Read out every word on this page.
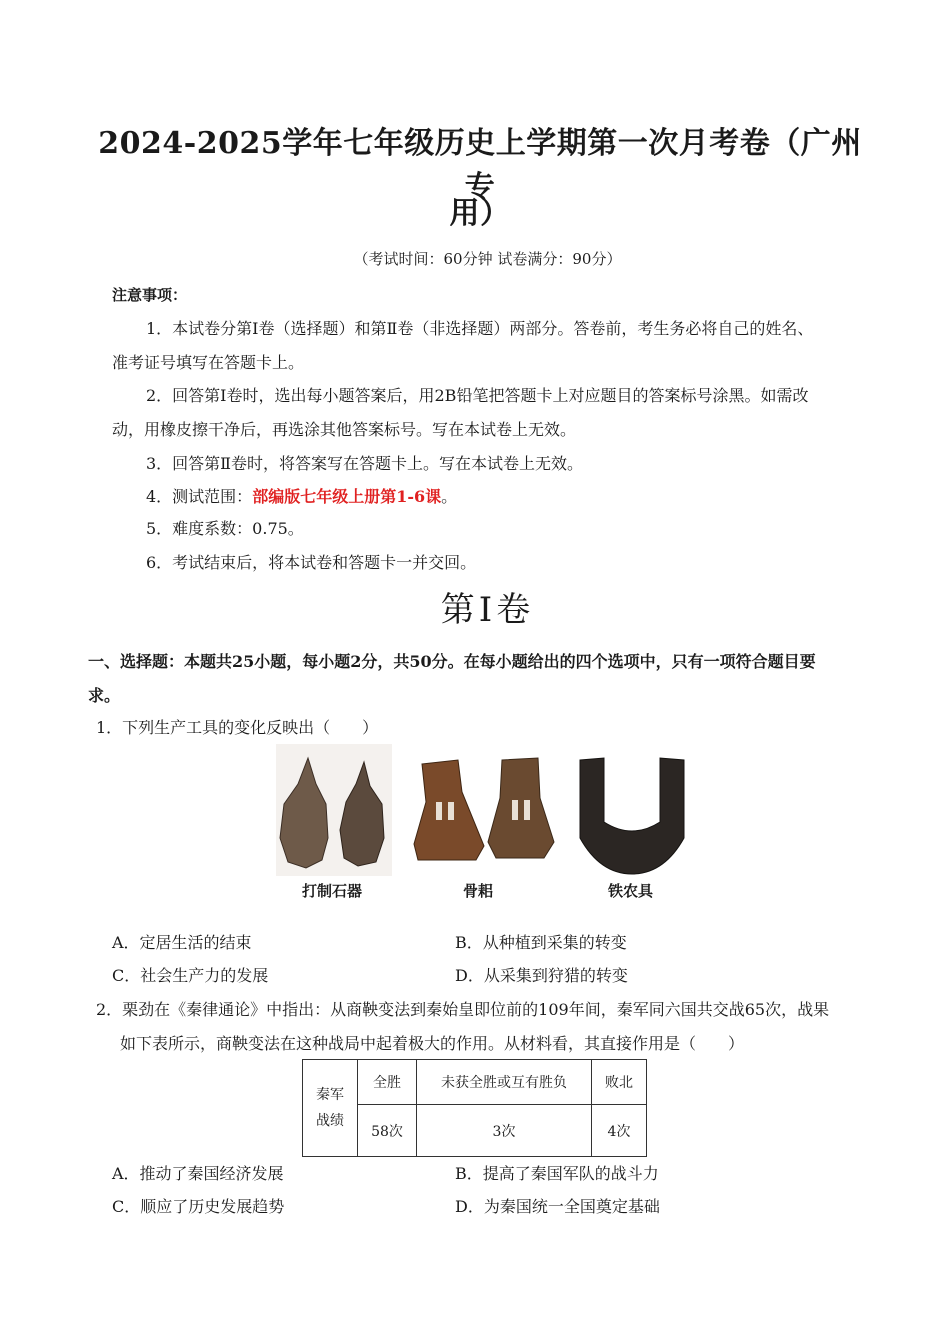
2024-2025学年七年级历史上学期第一次月考卷（广州专
用）
（考试时间：60分钟 试卷满分：90分）
注意事项：
1．本试卷分第Ⅰ卷（选择题）和第Ⅱ卷（非选择题）两部分。答卷前，考生务必将自己的姓名、
准考证号填写在答题卡上。
2．回答第Ⅰ卷时，选出每小题答案后，用2B铅笔把答题卡上对应题目的答案标号涂黑。如需改
动，用橡皮擦干净后，再选涂其他答案标号。写在本试卷上无效。
3．回答第Ⅱ卷时，将答案写在答题卡上。写在本试卷上无效。
4．测试范围：部编版七年级上册第1-6课。
5．难度系数：0.75。
6．考试结束后，将本试卷和答题卡一并交回。
第Ⅰ卷
一、选择题：本题共25小题，每小题2分，共50分。在每小题给出的四个选项中，只有一项符合题目要
求。
1．下列生产工具的变化反映出（　　）
打制石器	骨耜	铁农具
A．定居生活的结束	B．从种植到采集的转变
C．社会生产力的发展	D．从采集到狩猎的转变
2．栗劲在《秦律通论》中指出：从商鞅变法到秦始皇即位前的109年间，秦军同六国共交战65次，战果
如下表所示，商鞅变法在这种战局中起着极大的作用。从材料看，其直接作用是（　　）
秦军
战绩	全胜	未获全胜或互有胜负	败北
	58次	3次	4次
A．推动了秦国经济发展	B．提高了秦国军队的战斗力
C．顺应了历史发展趋势	D．为秦国统一全国奠定基础
